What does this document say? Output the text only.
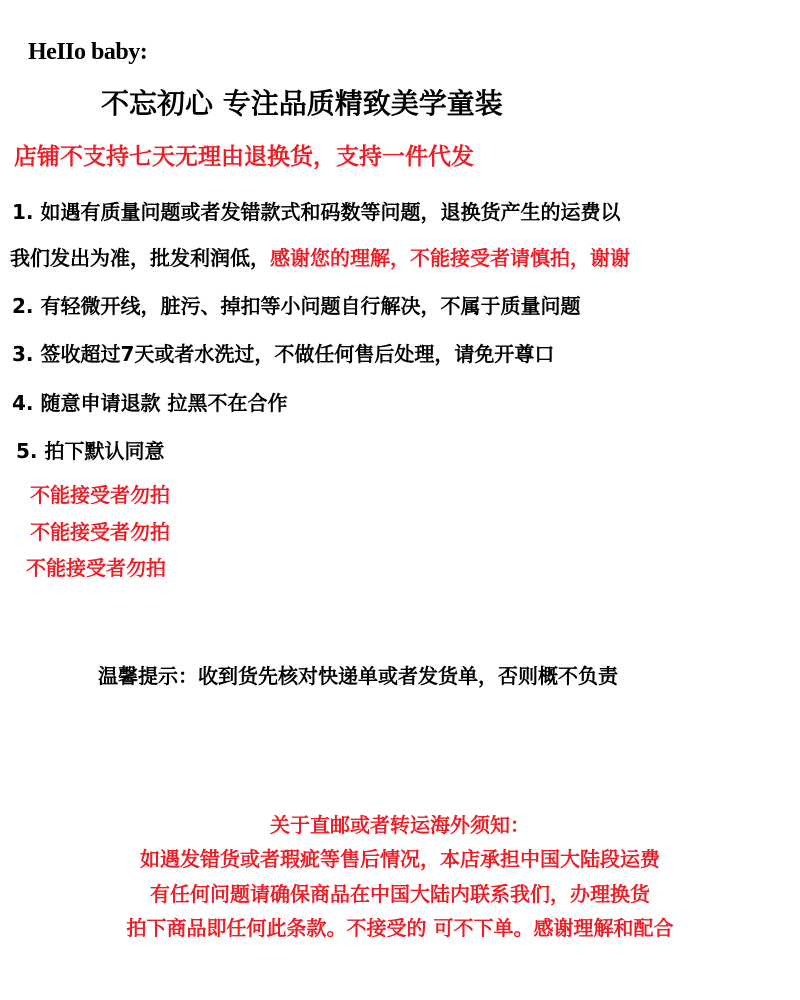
HeIIo baby:

不忘初心 专注品质精致美学童装

店铺不支持七天无理由退换货，支持一件代发

1. 如遇有质量问题或者发错款式和码数等问题，退换货产生的运费以

我们发出为准，批发利润低，感谢您的理解，不能接受者请慎拍，谢谢

2. 有轻微开线，脏污、掉扣等小问题自行解决，不属于质量问题

3. 签收超过7天或者水洗过，不做任何售后处理，请免开尊口

4. 随意申请退款 拉黑不在合作

5. 拍下默认同意

不能接受者勿拍

不能接受者勿拍

不能接受者勿拍

温馨提示：收到货先核对快递单或者发货单，否则概不负责

关于直邮或者转运海外须知：

如遇发错货或者瑕疵等售后情况，本店承担中国大陆段运费

有任何问题请确保商品在中国大陆内联系我们，办理换货

拍下商品即任何此条款。不接受的 可不下单。感谢理解和配合
